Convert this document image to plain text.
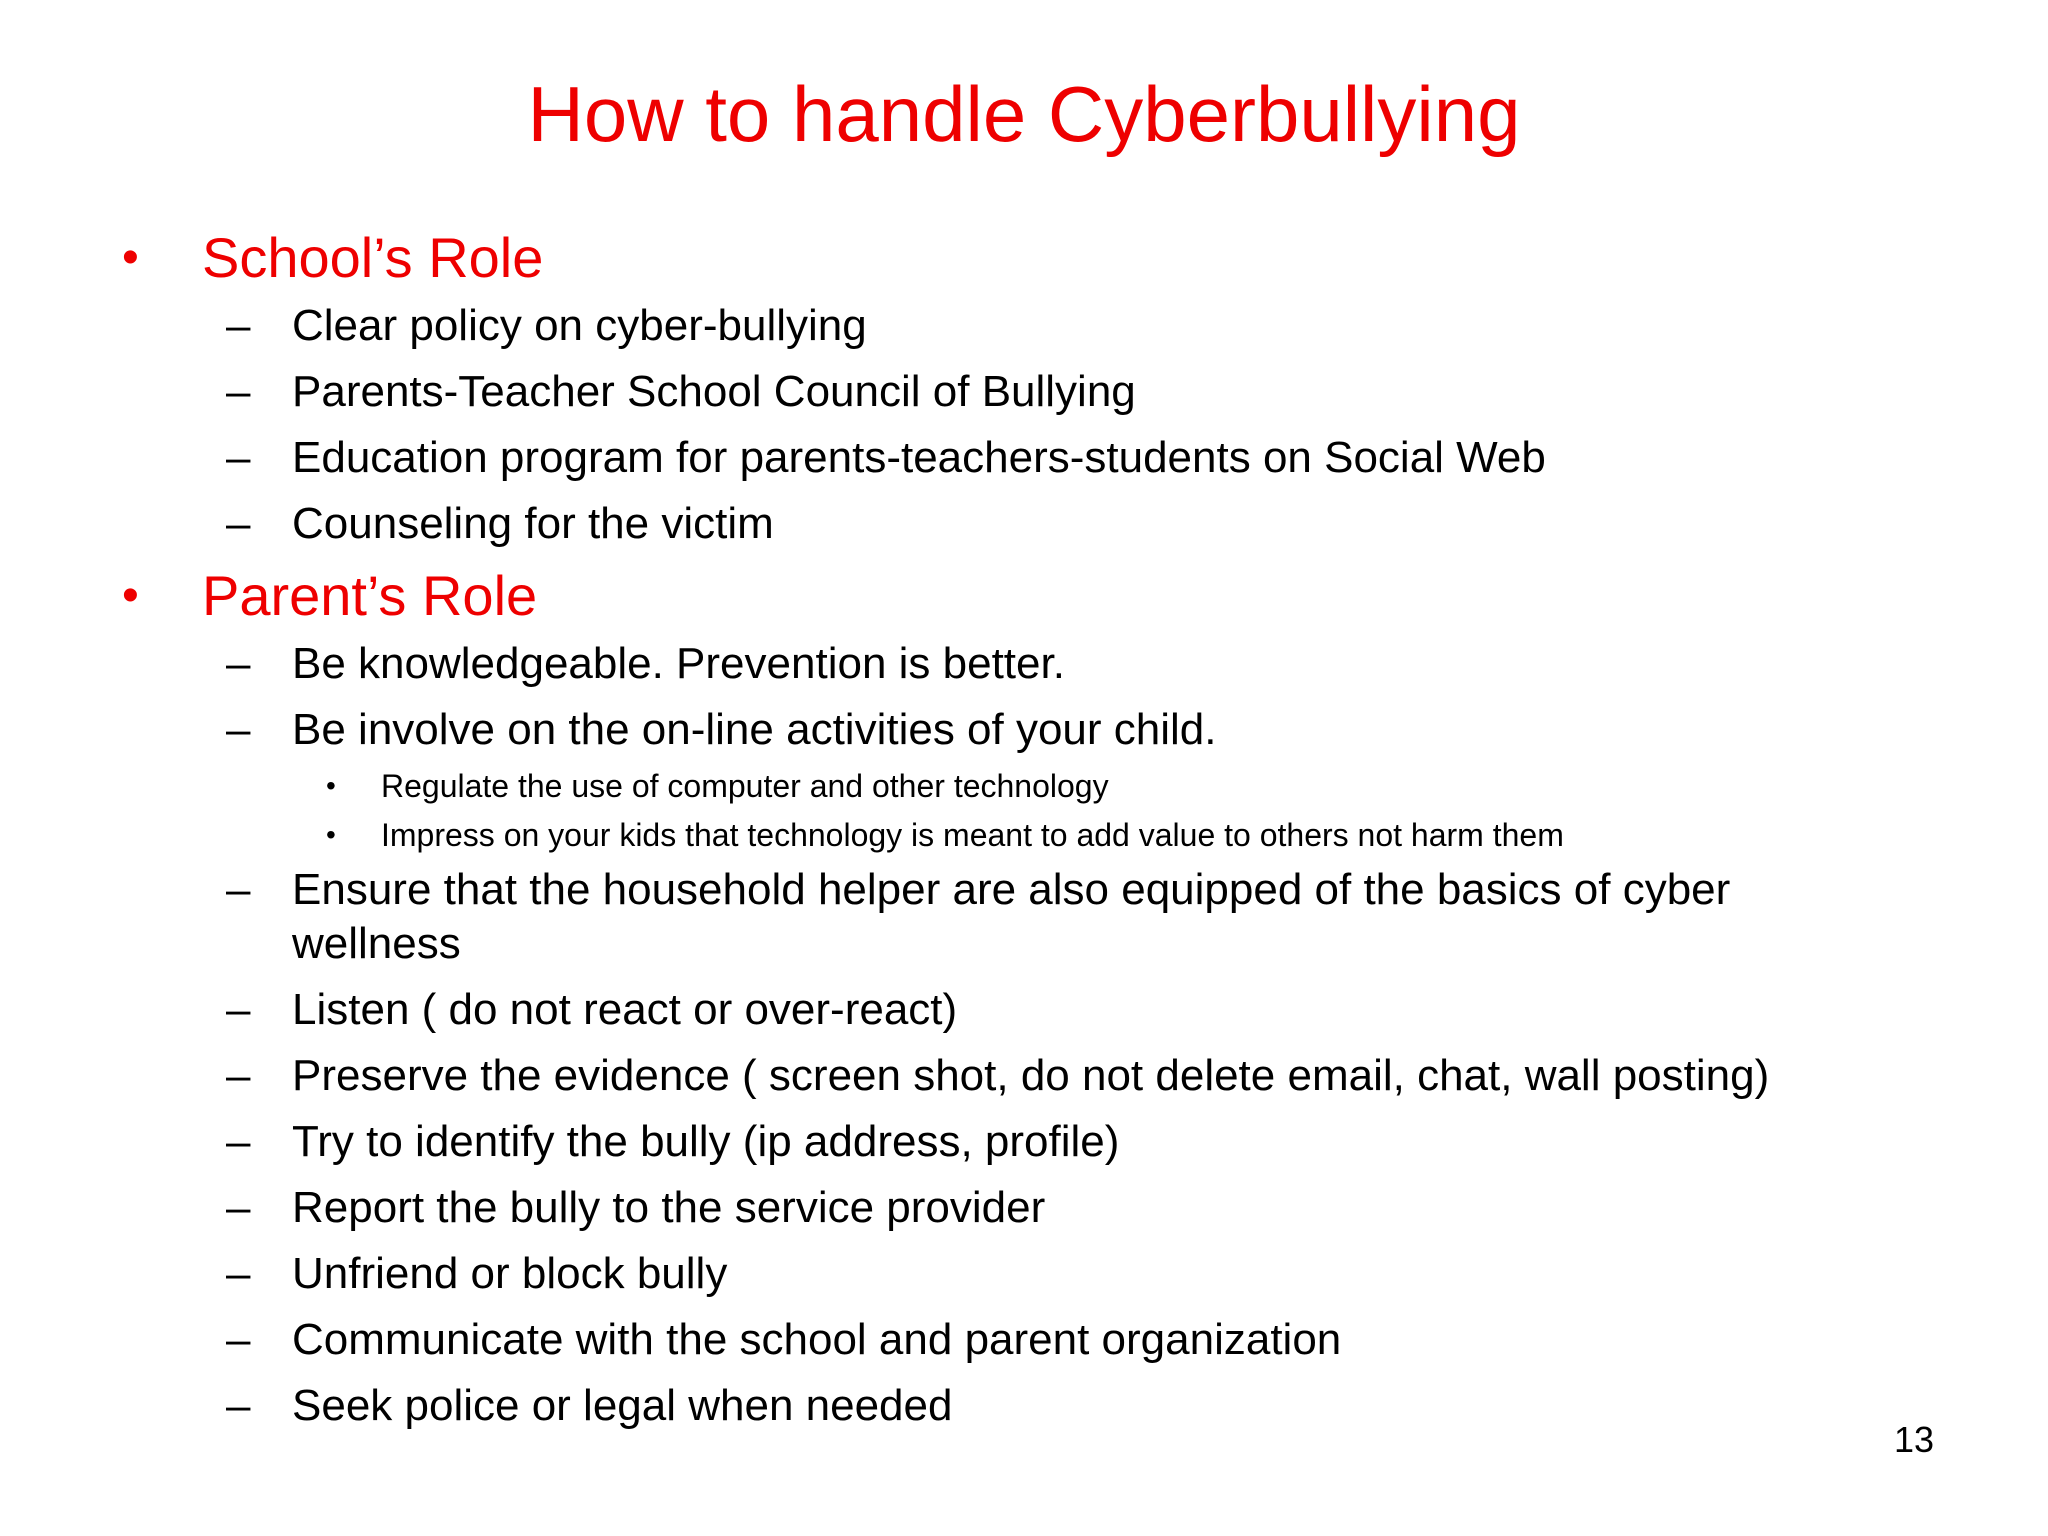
How to handle Cyberbullying
• School’s Role
– Clear policy on cyber-bullying
– Parents-Teacher School Council of Bullying
– Education program for parents-teachers-students on Social Web
– Counseling for the victim
• Parent’s Role
– Be knowledgeable. Prevention is better.
– Be involve on the on-line activities of your child.
• Regulate the use of computer and other technology
• Impress on your kids that technology is meant to add value to others not harm them
– Ensure that the household helper are also equipped of the basics of cyber wellness
– Listen ( do not react or over-react)
– Preserve the evidence ( screen shot, do not delete email, chat, wall posting)
– Try to identify the bully (ip address, profile)
– Report the bully to the service provider
– Unfriend or block bully
– Communicate with the school and parent organization
– Seek police or legal when needed
13
